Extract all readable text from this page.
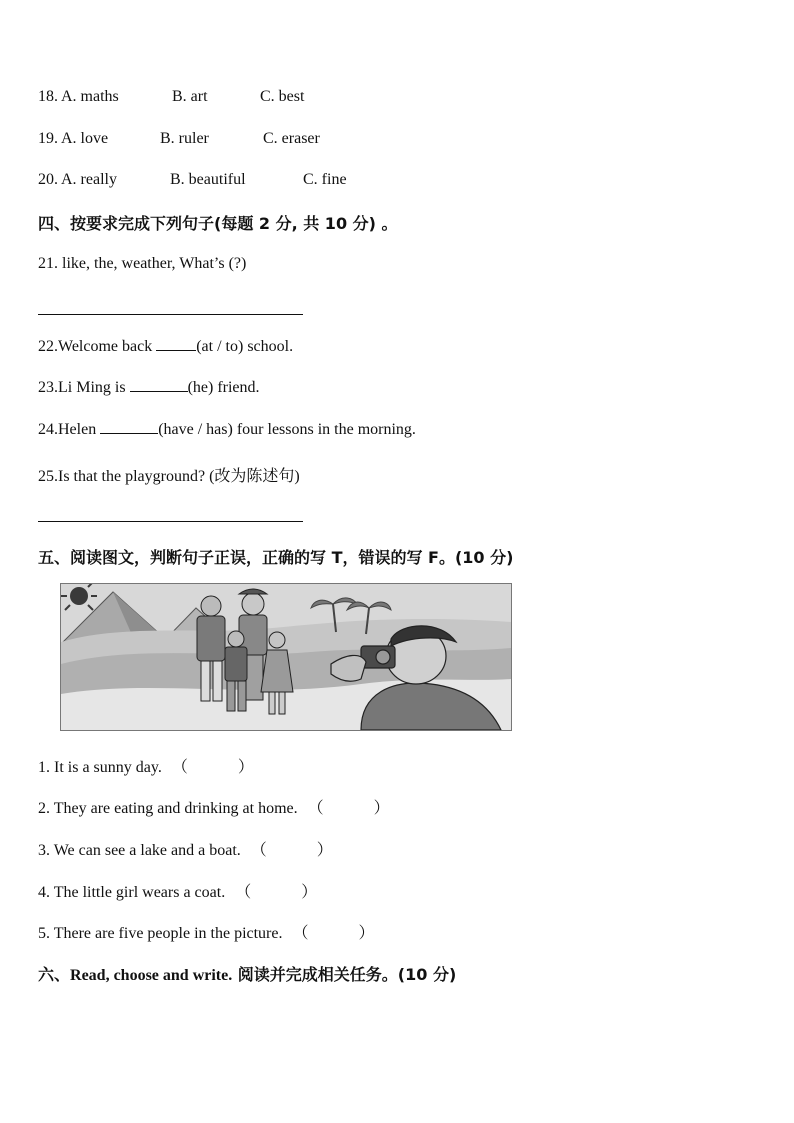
18. A. maths	B. art	C. best
19. A. love	B. ruler	C. eraser
20. A. really	B. beautiful	C. fine
四、按要求完成下列句子(每题 2 分, 共 10 分) 。
21. like, the, weather, What’s (?)
22.Welcome back	(at / to) school.
23.Li Ming is	(he) friend.
24.Helen	(have / has) four lessons in the morning.
25.Is that the playground? (改为陈述句)
五、阅读图文，判断句子正误，正确的写 T，错误的写 F。(10 分)
1. It is a sunny day. （	）
2. They are eating and drinking at home. （	）
3. We can see a lake and a boat. （	）
4. The little girl wears a coat. （	）
5. There are five people in the picture. （	）
六、Read, choose and write. 阅读并完成相关任务。(10 分)
